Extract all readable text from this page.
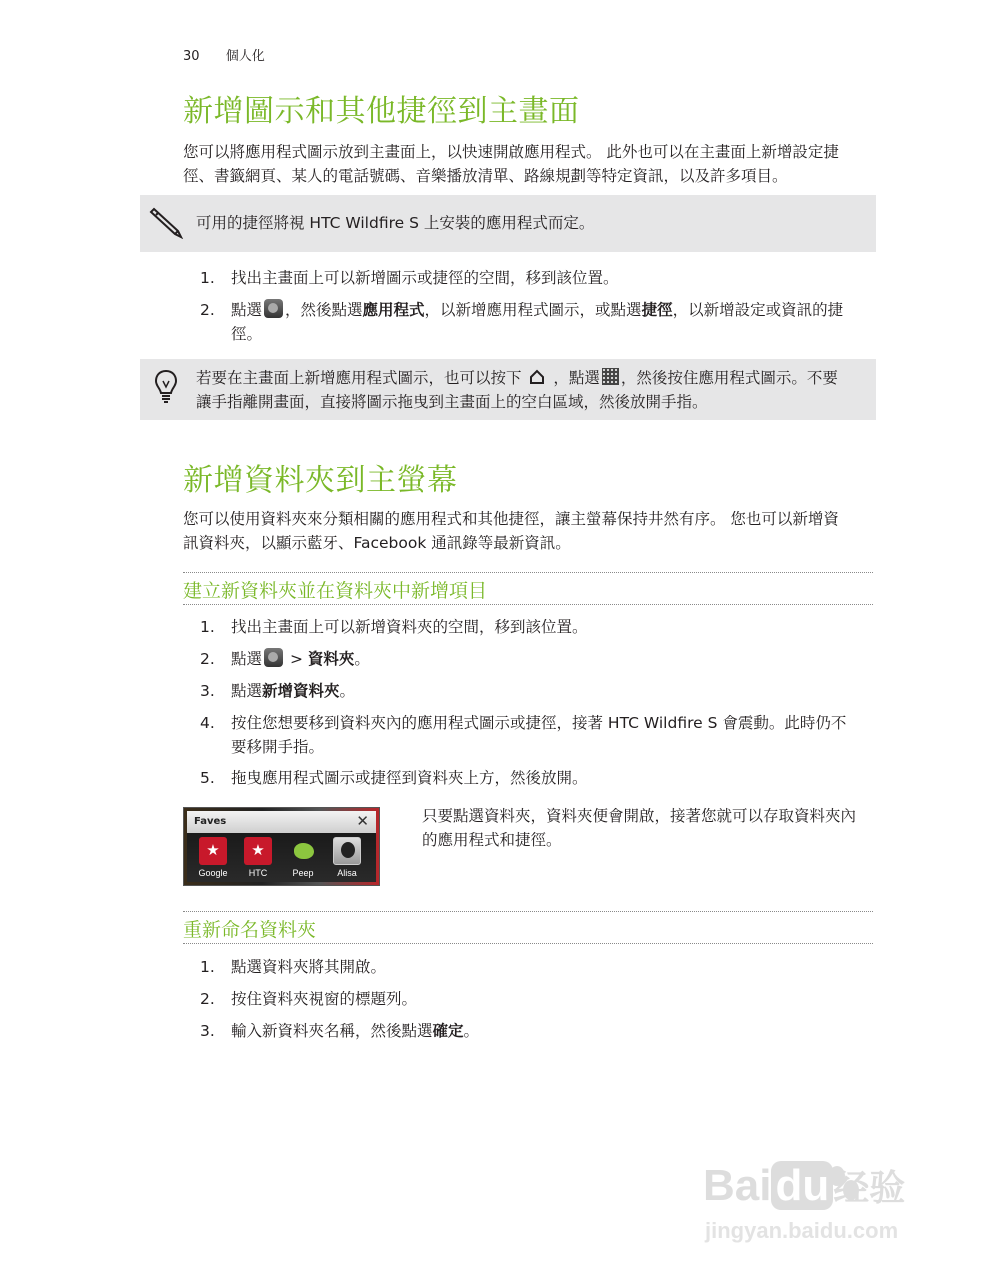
30 個人化
新增圖示和其他捷徑到主畫面
您可以將應用程式圖示放到主畫面上，以快速開啟應用程式。 此外也可以在主畫面上新增設定捷
徑、書籤網頁、某人的電話號碼、音樂播放清單、路線規劃等特定資訊，以及許多項目。
可用的捷徑將視 HTC Wildfire S 上安裝的應用程式而定。
1.	找出主畫面上可以新增圖示或捷徑的空間，移到該位置。
2.	點選 ，然後點選應用程式，以新增應用程式圖示，或點選捷徑，以新增設定或資訊的捷
徑。
若要在主畫面上新增應用程式圖示，也可以按下 ，點選 ，然後按住應用程式圖示。不要
讓手指離開畫面，直接將圖示拖曳到主畫面上的空白區域，然後放開手指。
新增資料夾到主螢幕
您可以使用資料夾來分類相關的應用程式和其他捷徑，讓主螢幕保持井然有序。 您也可以新增資
訊資料夾，以顯示藍牙、Facebook 通訊錄等最新資訊。
建立新資料夾並在資料夾中新增項目
1.	找出主畫面上可以新增資料夾的空間，移到該位置。
2.	點選 > 資料夾。
3.	點選新增資料夾。
4.	按住您想要移到資料夾內的應用程式圖示或捷徑，接著 HTC Wildfire S 會震動。此時仍不
要移開手指。
5.	拖曳應用程式圖示或捷徑到資料夾上方，然後放開。
Faves	✕
★
Google
★	HTC	Peep	Alisa
只要點選資料夾，資料夾便會開啟，接著您就可以存取資料夾內
的應用程式和捷徑。
重新命名資料夾
1.	點選資料夾將其開啟。
2.	按住資料夾視窗的標題列。
3.	輸入新資料夾名稱，然後點選確定。
Baidu 经验
jingyan.baidu.com
